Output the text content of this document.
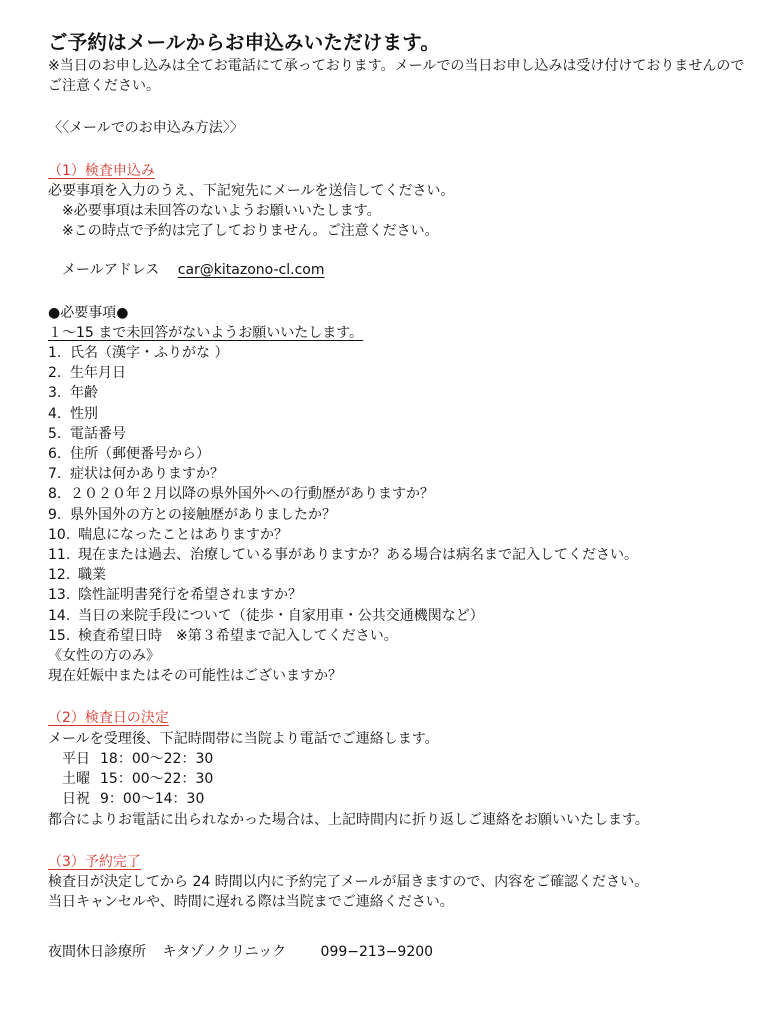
ご予約はメールからお申込みいただけます。

※当日のお申し込みは全てお電話にて承っております。メールでの当日お申し込みは受け付けておりませんのでご注意ください。

〈〈メールでのお申込み方法〉〉

（1）検査申込み

必要事項を入力のうえ、下記宛先にメールを送信してください。

※必要事項は未回答のないようお願いいたします。

※この時点で予約は完了しておりません。ご注意ください。

メールアドレス car@kitazono-cl.com

●必要事項●

１〜15 まで未回答がないようお願いいたします。

1. 氏名（漢字・ふりがな ）
2. 生年月日
3. 年齢
4. 性別
5. 電話番号
6. 住所（郵便番号から）
7. 症状は何かありますか？
8. ２０２０年２月以降の県外国外への行動歴がありますか？
9. 県外国外の方との接触歴がありましたか？
10. 喘息になったことはありますか？
11. 現在または過去、治療している事がありますか？ある場合は病名まで記入してください。
12. 職業
13. 陰性証明書発行を希望されますか？
14. 当日の来院手段について（徒歩・自家用車・公共交通機関など）
15. 検査希望日時　※第３希望まで記入してください。

《女性の方のみ》

現在妊娠中またはその可能性はございますか？

（2）検査日の決定

メールを受理後、下記時間帯に当院より電話でご連絡します。

平日 18：00〜22：30

土曜 15：00〜22：30

日祝 9：00〜14：30

都合によりお電話に出られなかった場合は、上記時間内に折り返しご連絡をお願いいたします。

（3）予約完了

検査日が決定してから 24 時間以内に予約完了メールが届きますので、内容をご確認ください。

当日キャンセルや、時間に遅れる際は当院までご連絡ください。

夜間休日診療所 キタゾノクリニック 099−213−9200
